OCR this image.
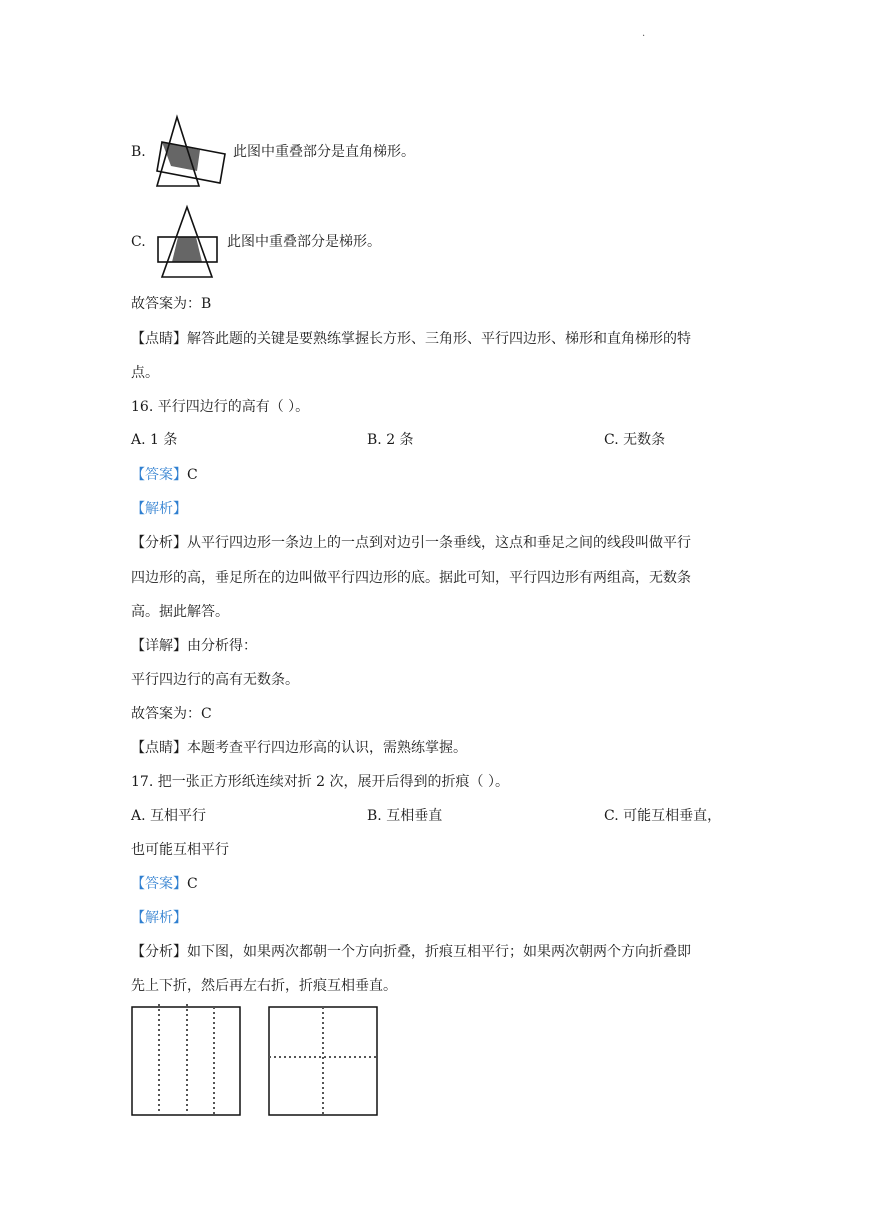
.
B.	此图中重叠部分是直角梯形。
C.	此图中重叠部分是梯形。
故答案为：B
【点睛】解答此题的关键是要熟练掌握长方形、三角形、平行四边形、梯形和直角梯形的特
点。
16. 平行四边行的高有（ ）。
A. 1 条	B. 2 条	C. 无数条
【答案】C
【解析】
【分析】从平行四边形一条边上的一点到对边引一条垂线，这点和垂足之间的线段叫做平行
四边形的高，垂足所在的边叫做平行四边形的底。据此可知，平行四边形有两组高，无数条
高。据此解答。
【详解】由分析得：
平行四边行的高有无数条。
故答案为：C
【点睛】本题考查平行四边形高的认识，需熟练掌握。
17. 把一张正方形纸连续对折 2 次，展开后得到的折痕（ ）。
A. 互相平行	B. 互相垂直	C. 可能互相垂直，
也可能互相平行
【答案】C
【解析】
【分析】如下图，如果两次都朝一个方向折叠，折痕互相平行；如果两次朝两个方向折叠即
先上下折，然后再左右折，折痕互相垂直。
